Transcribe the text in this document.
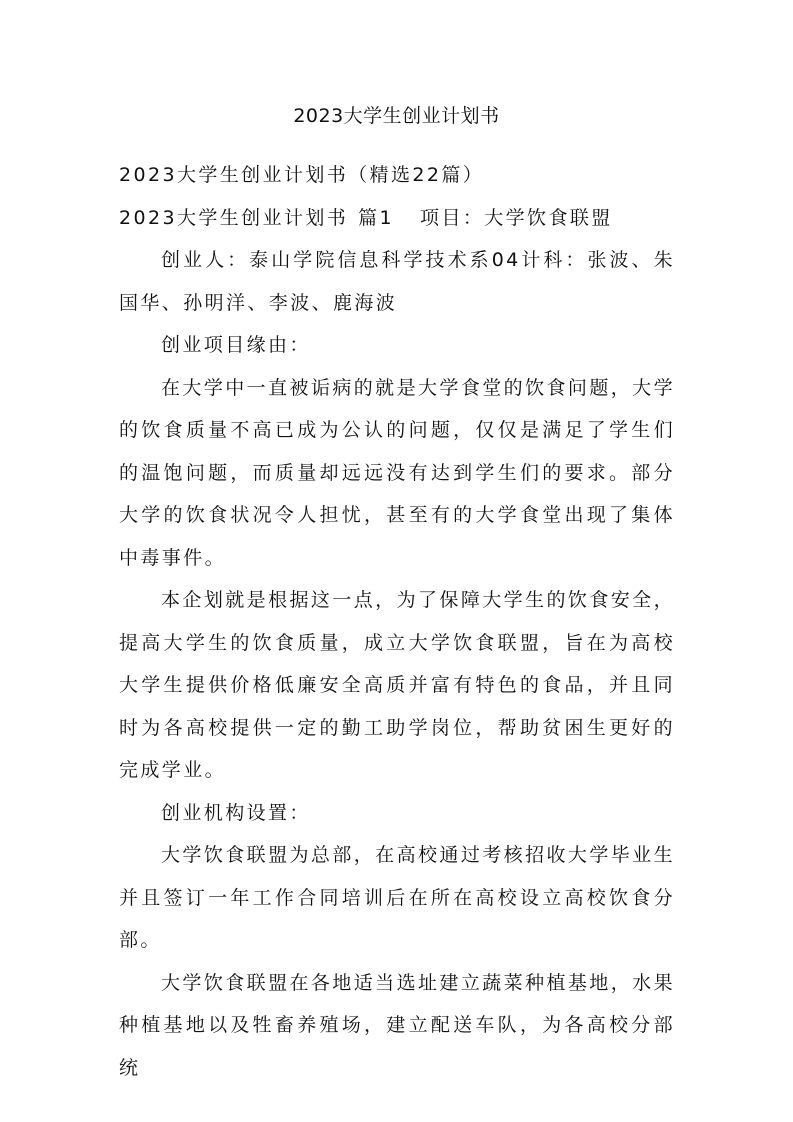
2023大学生创业计划书

2023大学生创业计划书（精选22篇）

2023大学生创业计划书 篇1 项目：大学饮食联盟

创业人：泰山学院信息科学技术系04计科：张波、朱国华、孙明洋、李波、鹿海波

创业项目缘由：

在大学中一直被诟病的就是大学食堂的饮食问题，大学的饮食质量不高已成为公认的问题，仅仅是满足了学生们的温饱问题，而质量却远远没有达到学生们的要求。部分大学的饮食状况令人担忧，甚至有的大学食堂出现了集体中毒事件。

本企划就是根据这一点，为了保障大学生的饮食安全，提高大学生的饮食质量，成立大学饮食联盟，旨在为高校大学生提供价格低廉安全高质并富有特色的食品，并且同时为各高校提供一定的勤工助学岗位，帮助贫困生更好的完成学业。

创业机构设置：

大学饮食联盟为总部，在高校通过考核招收大学毕业生并且签订一年工作合同培训后在所在高校设立高校饮食分部。

大学饮食联盟在各地适当选址建立蔬菜种植基地，水果种植基地以及牲畜养殖场，建立配送车队，为各高校分部统
